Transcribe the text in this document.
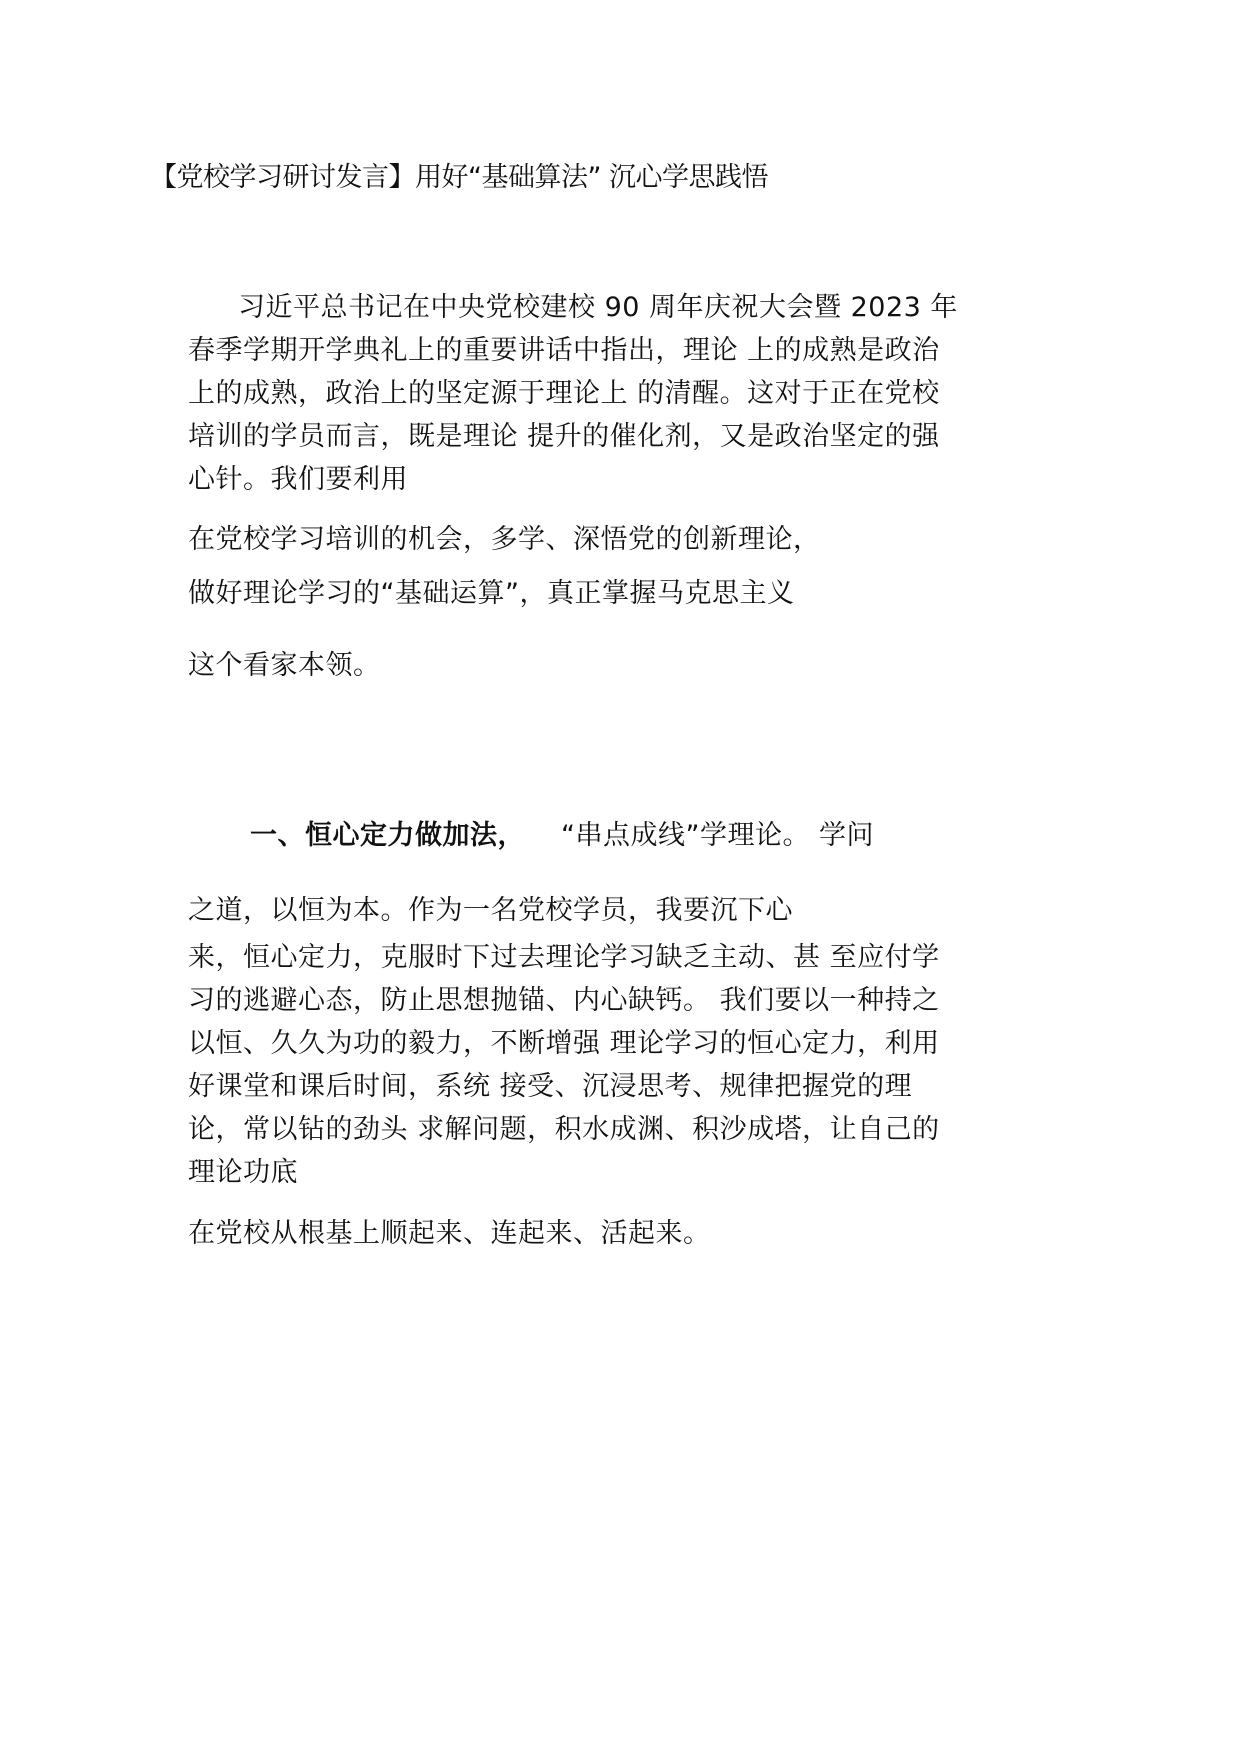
【党校学习研讨发言】用好“基础算法” 沉心学思践悟
习近平总书记在中央党校建校 90 周年庆祝大会暨 2023 年
春季学期开学典礼上的重要讲话中指出，理论 上的成熟是政治
上的成熟，政治上的坚定源于理论上 的清醒。这对于正在党校
培训的学员而言，既是理论 提升的催化剂，又是政治坚定的强
心针。我们要利用
在党校学习培训的机会，多学、深悟党的创新理论，
做好理论学习的“基础运算”，真正掌握马克思主义
这个看家本领。
一、恒心定力做加法， “串点成线”学理论。 学问
之道，以恒为本。作为一名党校学员，我要沉下心
来，恒心定力，克服时下过去理论学习缺乏主动、甚 至应付学
习的逃避心态，防止思想抛锚、内心缺钙。 我们要以一种持之
以恒、久久为功的毅力，不断增强 理论学习的恒心定力，利用
好课堂和课后时间，系统 接受、沉浸思考、规律把握党的理
论，常以钻的劲头 求解问题，积水成渊、积沙成塔，让自己的
理论功底
在党校从根基上顺起来、连起来、活起来。
